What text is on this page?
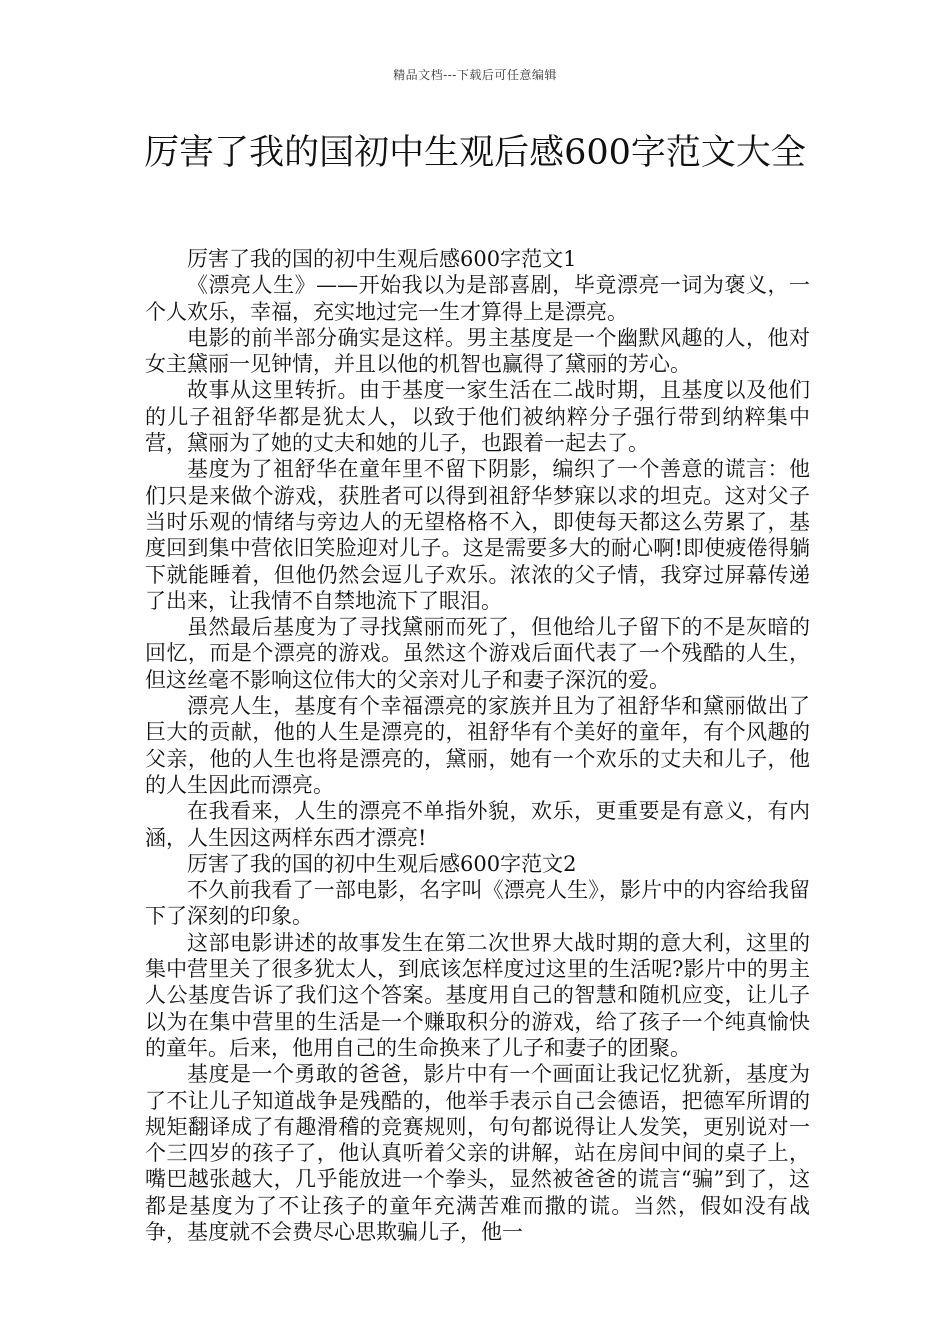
精品文档---下载后可任意编辑
厉害了我的国初中生观后感600字范文大全

厉害了我的国的初中生观后感600字范文1

《漂亮人生》——开始我以为是部喜剧，毕竟漂亮一词为褒义，一个人欢乐，幸福，充实地过完一生才算得上是漂亮。

电影的前半部分确实是这样。男主基度是一个幽默风趣的人，他对女主黛丽一见钟情，并且以他的机智也赢得了黛丽的芳心。

故事从这里转折。由于基度一家生活在二战时期，且基度以及他们的儿子祖舒华都是犹太人，以致于他们被纳粹分子强行带到纳粹集中营，黛丽为了她的丈夫和她的儿子，也跟着一起去了。

基度为了祖舒华在童年里不留下阴影，编织了一个善意的谎言：他们只是来做个游戏，获胜者可以得到祖舒华梦寐以求的坦克。这对父子当时乐观的情绪与旁边人的无望格格不入，即使每天都这么劳累了，基度回到集中营依旧笑脸迎对儿子。这是需要多大的耐心啊!即使疲倦得躺下就能睡着，但他仍然会逗儿子欢乐。浓浓的父子情，我穿过屏幕传递了出来，让我情不自禁地流下了眼泪。

虽然最后基度为了寻找黛丽而死了，但他给儿子留下的不是灰暗的回忆，而是个漂亮的游戏。虽然这个游戏后面代表了一个残酷的人生，但这丝毫不影响这位伟大的父亲对儿子和妻子深沉的爱。

漂亮人生，基度有个幸福漂亮的家族并且为了祖舒华和黛丽做出了巨大的贡献，他的人生是漂亮的，祖舒华有个美好的童年，有个风趣的父亲，他的人生也将是漂亮的，黛丽，她有一个欢乐的丈夫和儿子，他的人生因此而漂亮。

在我看来，人生的漂亮不单指外貌，欢乐，更重要是有意义，有内涵，人生因这两样东西才漂亮!

厉害了我的国的初中生观后感600字范文2

不久前我看了一部电影，名字叫《漂亮人生》，影片中的内容给我留下了深刻的印象。

这部电影讲述的故事发生在第二次世界大战时期的意大利，这里的集中营里关了很多犹太人，到底该怎样度过这里的生活呢?影片中的男主人公基度告诉了我们这个答案。基度用自己的智慧和随机应变，让儿子以为在集中营里的生活是一个赚取积分的游戏，给了孩子一个纯真愉快的童年。后来，他用自己的生命换来了儿子和妻子的团聚。

基度是一个勇敢的爸爸，影片中有一个画面让我记忆犹新，基度为了不让儿子知道战争是残酷的，他举手表示自己会德语，把德军所谓的规矩翻译成了有趣滑稽的竞赛规则，句句都说得让人发笑，更别说对一个三四岁的孩子了，他认真听着父亲的讲解，站在房间中间的桌子上，嘴巴越张越大，几乎能放进一个拳头，显然被爸爸的谎言“骗”到了，这都是基度为了不让孩子的童年充满苦难而撒的谎。当然，假如没有战争，基度就不会费尽心思欺骗儿子，他一
